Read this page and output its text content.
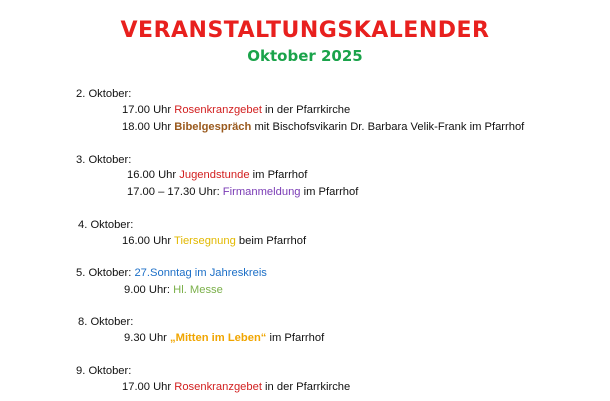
VERANSTALTUNGSKALENDER
Oktober 2025
2. Oktober:
17.00 Uhr Rosenkranzgebet in der Pfarrkirche
18.00 Uhr Bibelgespräch mit Bischofsvikarin Dr. Barbara Velik-Frank im Pfarrhof
3. Oktober:
16.00 Uhr Jugendstunde im Pfarrhof
17.00 – 17.30 Uhr: Firmanmeldung im Pfarrhof
4. Oktober:
16.00 Uhr Tiersegnung beim Pfarrhof
5. Oktober: 27.Sonntag im Jahreskreis
9.00 Uhr: Hl. Messe
8. Oktober:
9.30 Uhr „Mitten im Leben“ im Pfarrhof
9. Oktober:
17.00 Uhr Rosenkranzgebet in der Pfarrkirche
